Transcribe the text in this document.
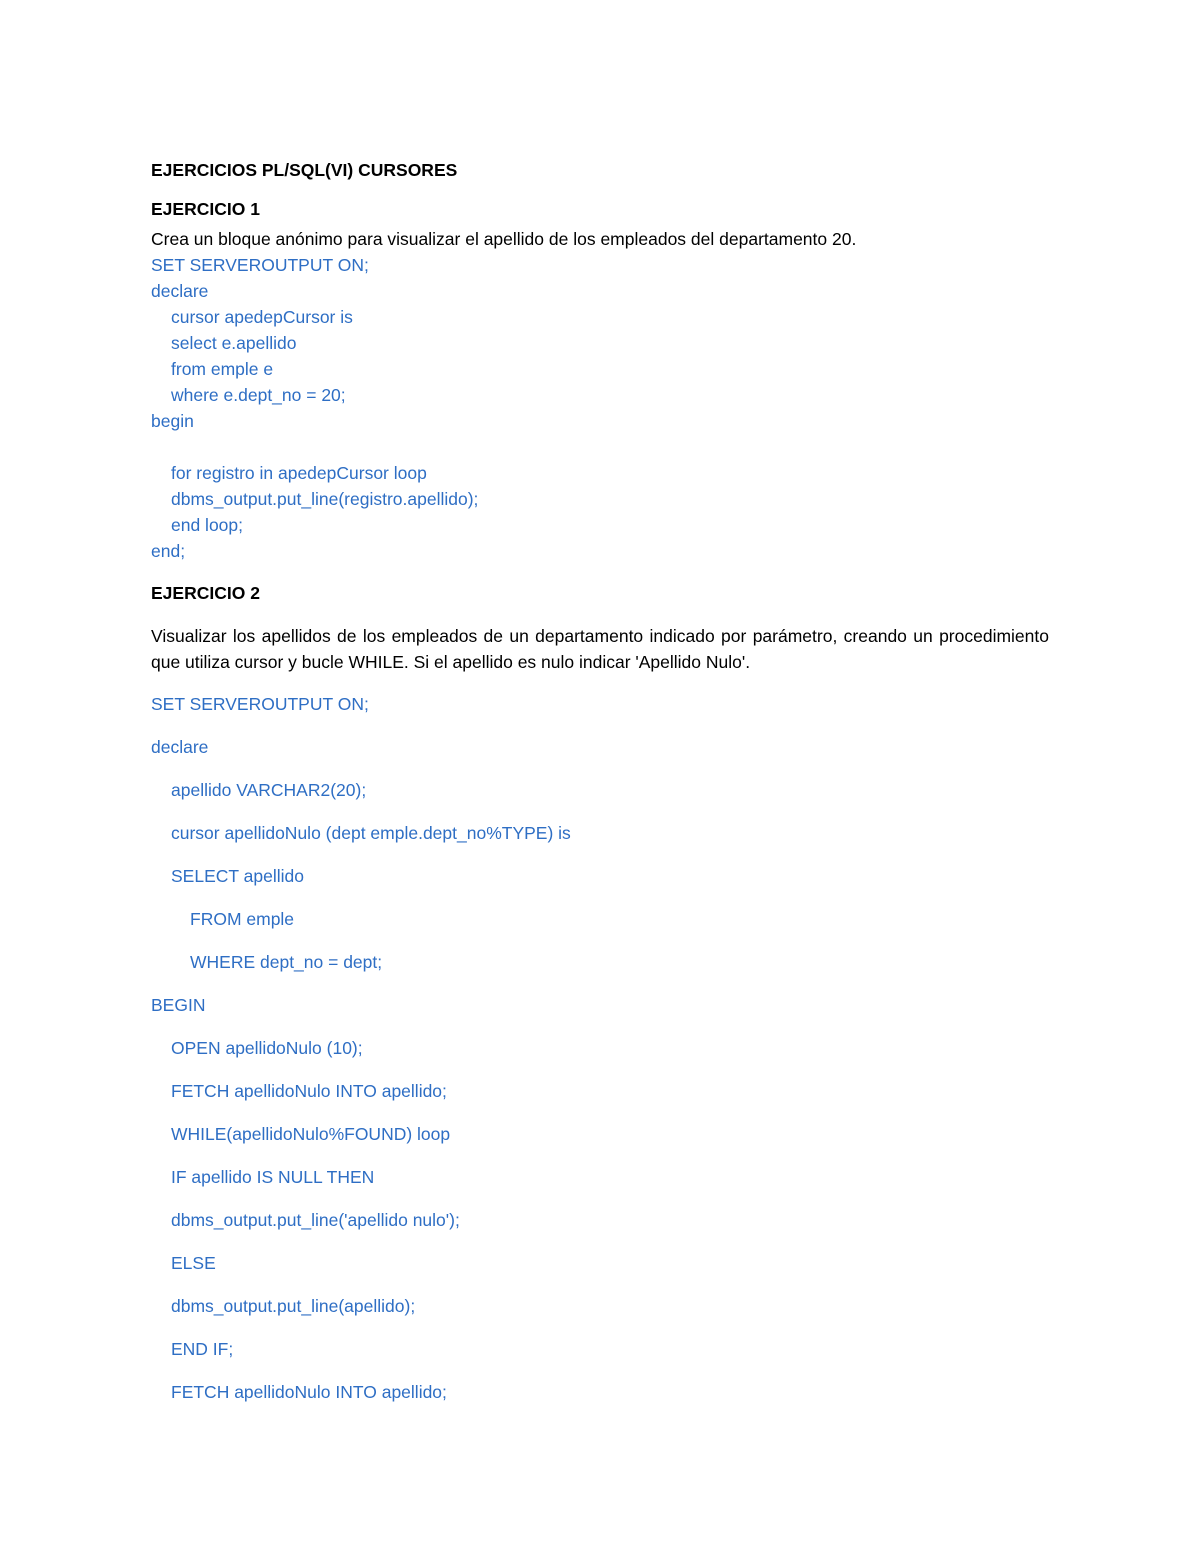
EJERCICIOS PL/SQL(VI) CURSORES
EJERCICIO 1
Crea un bloque anónimo para visualizar el apellido de los empleados del departamento 20.
SET SERVEROUTPUT ON;
declare
cursor apedepCursor is
select e.apellido
from emple e
where e.dept_no = 20;
begin
for registro in apedepCursor loop
dbms_output.put_line(registro.apellido);
end loop;
end;
EJERCICIO 2
Visualizar los apellidos de los empleados de un departamento indicado por parámetro, creando un procedimiento que utiliza cursor y bucle WHILE. Si el apellido es nulo indicar 'Apellido Nulo'.
SET SERVEROUTPUT ON;
declare
apellido VARCHAR2(20);
cursor apellidoNulo (dept emple.dept_no%TYPE) is
SELECT apellido
FROM emple
WHERE dept_no = dept;
BEGIN
OPEN apellidoNulo (10);
FETCH apellidoNulo INTO apellido;
WHILE(apellidoNulo%FOUND) loop
IF apellido IS NULL THEN
dbms_output.put_line('apellido nulo');
ELSE
dbms_output.put_line(apellido);
END IF;
FETCH apellidoNulo INTO apellido;
